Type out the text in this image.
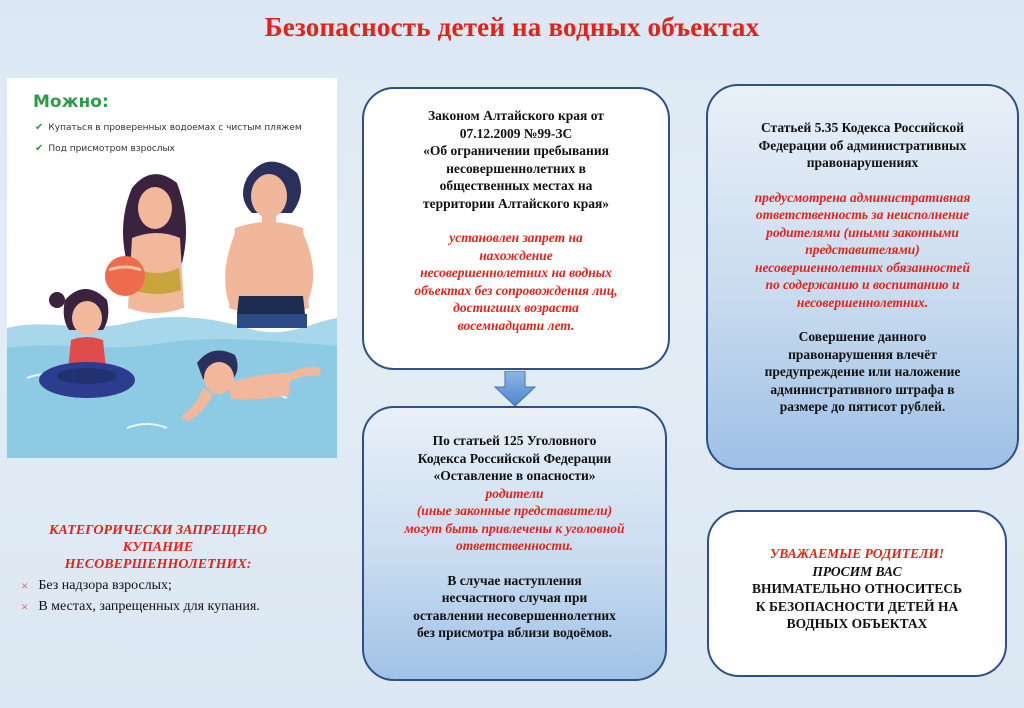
Безопасность детей на водных объектах
Можно:
✔ Купаться в проверенных водоемах с чистым пляжем
✔ Под присмотром взрослых
Законом Алтайского края от
07.12.2009 №99-ЗС
«Об ограничении пребывания
несовершеннолетних в
общественных местах на
территории Алтайского края»
установлен запрет на
нахождение
несовершеннолетних на водных
объектах без сопровождения лиц,
достигших возраста
восемнадцати лет.
Статьей 5.35 Кодекса Российской
Федерации об административных
правонарушениях
предусмотрена административная
ответственность за неисполнение
родителями (иными законными
представителями)
несовершеннолетних обязанностей
по содержанию и воспитанию и
несовершеннолетних.
Совершение данного
правонарушения влечёт
предупреждение или наложение
административного штрафа в
размере до пятисот рублей.
По статьей 125 Уголовного
Кодекса Российской Федерации
«Оставление в опасности»
родители
(иные законные представители)
могут быть привлечены к уголовной
ответственности.
В случае наступления
несчастного случая при
оставлении несовершеннолетних
без присмотра вблизи водоёмов.
УВАЖАЕМЫЕ РОДИТЕЛИ!
ПРОСИМ ВАС
ВНИМАТЕЛЬНО ОТНОСИТЕСЬ
К БЕЗОПАСНОСТИ ДЕТЕЙ НА
ВОДНЫХ ОБЪЕКТАХ
КАТЕГОРИЧЕСКИ ЗАПРЕЩЕНО
КУПАНИЕ
НЕСОВЕРШЕННОЛЕТНИХ:
× Без надзора взрослых;
× В местах, запрещенных для купания.
